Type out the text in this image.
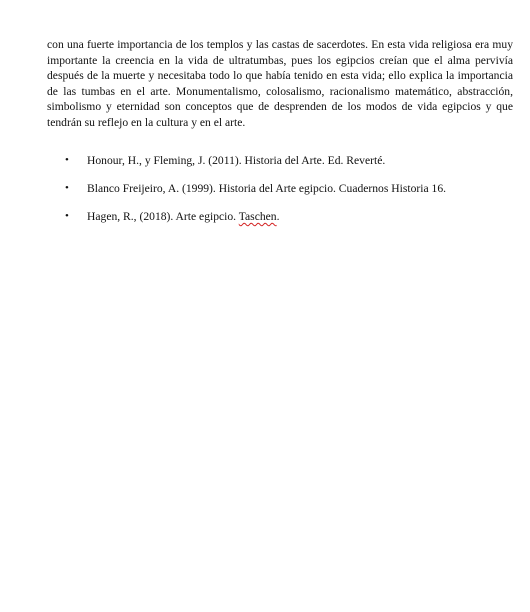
con una fuerte importancia de los templos y las castas de sacerdotes. En esta vida religiosa era muy importante la creencia en la vida de ultratumbas, pues los egipcios creían que el alma pervivía después de la muerte y necesitaba todo lo que había tenido en esta vida; ello explica la importancia de las tumbas en el arte. Monumentalismo, colosalismo, racionalismo matemático, abstracción, simbolismo y eternidad son conceptos que de desprenden de los modos de vida egipcios y que tendrán su reflejo en la cultura y en el arte.

• Honour, H., y Fleming, J. (2011). Historia del Arte. Ed. Reverté.
• Blanco Freijeiro, A. (1999). Historia del Arte egipcio. Cuadernos Historia 16.
• Hagen, R., (2018). Arte egipcio. Taschen.
